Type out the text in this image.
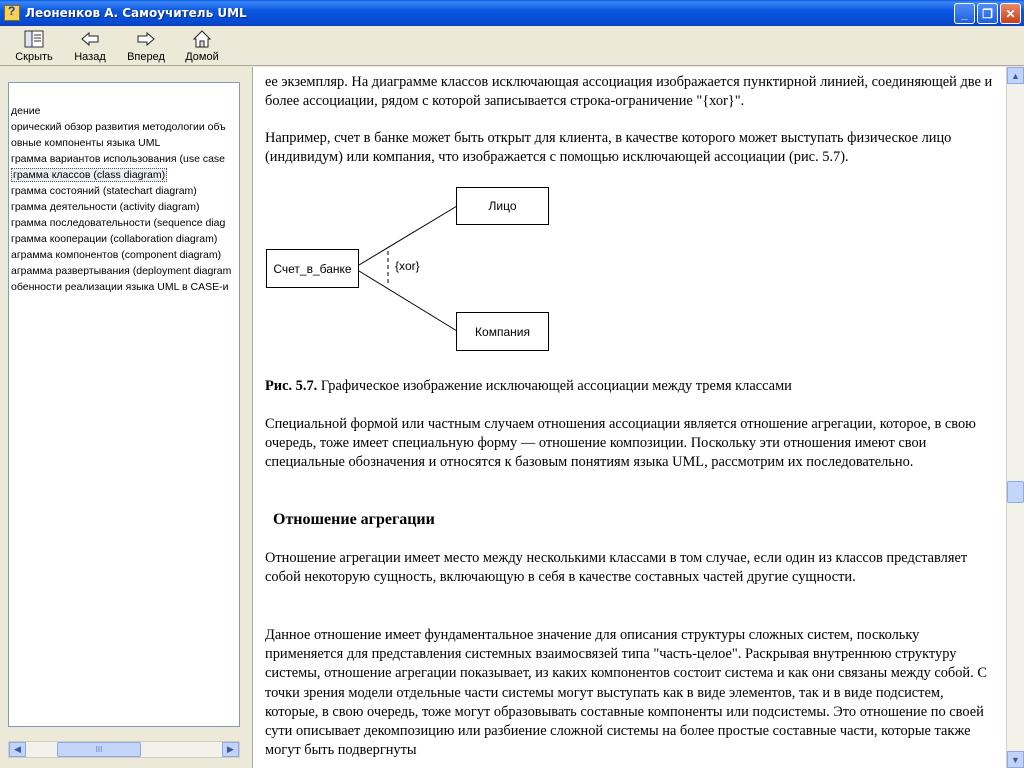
?
Леоненков А. Самоучитель UML	_	❐	✕
Скрыть Назад Вперед Домой
дение
орический обзор развития методологии объ
овные компоненты языка UML
грамма вариантов использования (use case
грамма классов (class diagram)
грамма состояний (statechart diagram)
грамма деятельности (activity diagram)
грамма последовательности (sequence diag
грамма кооперации (collaboration diagram)
аграмма компонентов (component diagram)
аграмма развертывания (deployment diagram
обенности реализации языка UML в CASE-и
◀	III	▶

ее экземпляр. На диаграмме классов исключающая ассоциация изображается пунктирной линией, соединяющей две и более ассоциации, рядом с которой записывается строка-ограничение "{хоr}".

Например, счет в банке может быть открыт для клиента, в качестве которого может выступать физическое лицо (индивидум) или компания, что изображается с помощью исключающей ассоциации (рис. 5.7).

Счет_в_банке
Лицо
Компания
{xor}

Рис. 5.7. Графическое изображение исключающей ассоциации между тремя классами

Специальной формой или частным случаем отношения ассоциации является отношение агрегации, которое, в свою очередь, тоже имеет специальную форму — отношение композиции. Поскольку эти отношения имеют свои специальные обозначения и относятся к базовым понятиям языка UML, рассмотрим их последовательно.

Отношение агрегации

Отношение агрегации имеет место между несколькими классами в том случае, если один из классов представляет собой некоторую сущность, включающую в себя в качестве составных частей другие сущности.

Данное отношение имеет фундаментальное значение для описания структуры сложных систем, поскольку применяется для представления системных взаимосвязей типа "часть-целое". Раскрывая внутреннюю структуру системы, отношение агрегации показывает, из каких компонентов состоит система и как они связаны между собой. С точки зрения модели отдельные части системы могут выступать как в виде элементов, так и в виде подсистем, которые, в свою очередь, тоже могут образовывать составные компоненты или подсистемы. Это отношение по своей сути описывает декомпозицию или разбиение сложной системы на более простые составные части, которые также могут быть подвергнуты

▲
▼
